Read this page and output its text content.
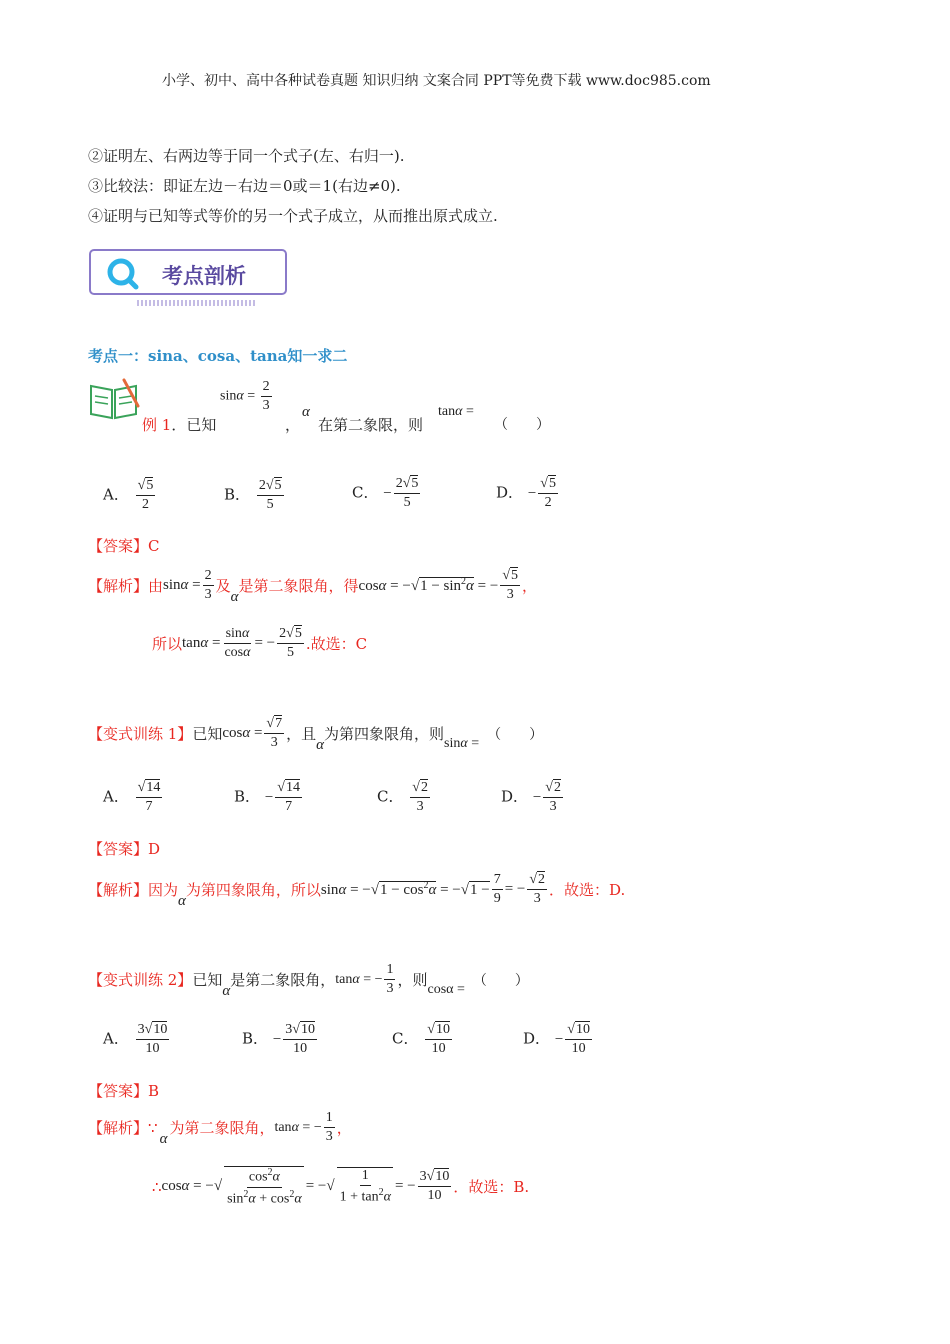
小学、初中、高中各种试卷真题 知识归纳 文案合同 PPT等免费下载 www.doc985.com
②证明左、右两边等于同一个式子(左、右归一).
③比较法：即证左边－右边＝0或＝1(右边≠0).
④证明与已知等式等价的另一个式子成立，从而推出原式成立.
考点剖析
考点一：sina、cosa、tana知一求二
$\sin\alpha = \frac{2}{3}$
例 1．已知	，
α
在第二象限，则
tanα =
（　　）
A． $\frac{√5}{2}$	B． $\frac{2√5}{5}$	C． − $\frac{2√5}{5}$	D． − $\frac{√5}{2}$
【答案】C
【解析】 由 $\sin\alpha = \frac{2}{3}$ 及
α
是第二象限角，得 $\cos\alpha = -√1 - \sin^2\alpha$ = − $\frac{√5}{3}$ ，
所以 $\tan\alpha = \frac{\sin\alpha}{\cos\alpha}$ = − $\frac{2√5}{5}$ .故选：C
【变式训练 1】 已知 $\cos\alpha = \frac{√7}{3}$ ，且
α
为第四象限角，则 sinα =
（　　）
A． $\frac{√14}{7}$	B． − $\frac{√14}{7}$	C． $\frac{√2}{3}$	D． − $\frac{√2}{3}$
【答案】D
【解析】 因为
α
为第四象限角，所以 $\sin\alpha = -√1 - \cos^2\alpha = -√1 - \frac{7}{9}$ = − $\frac{√2}{3}$ ．故选：D.
【变式训练 2】 已知
α
是第二象限角， tanα = − $\frac{1}{3}$ ，则 cosα =
（　　）
A． $\frac{3√10}{10}$	B． − $\frac{3√10}{10}$	C． $\frac{√10}{10}$	D． − $\frac{√10}{10}$
【答案】B
【解析】 ∵
α
为第二象限角， tanα = − $\frac{1}{3}$ ，
∴ cosα = −√ $\frac{\cos^2\alpha}{\sin^2\alpha + \cos^2\alpha}$ = −√ $\frac{1}{1 + \tan^2\alpha}$ = − $\frac{3√10}{10}$ ．故选：B.
